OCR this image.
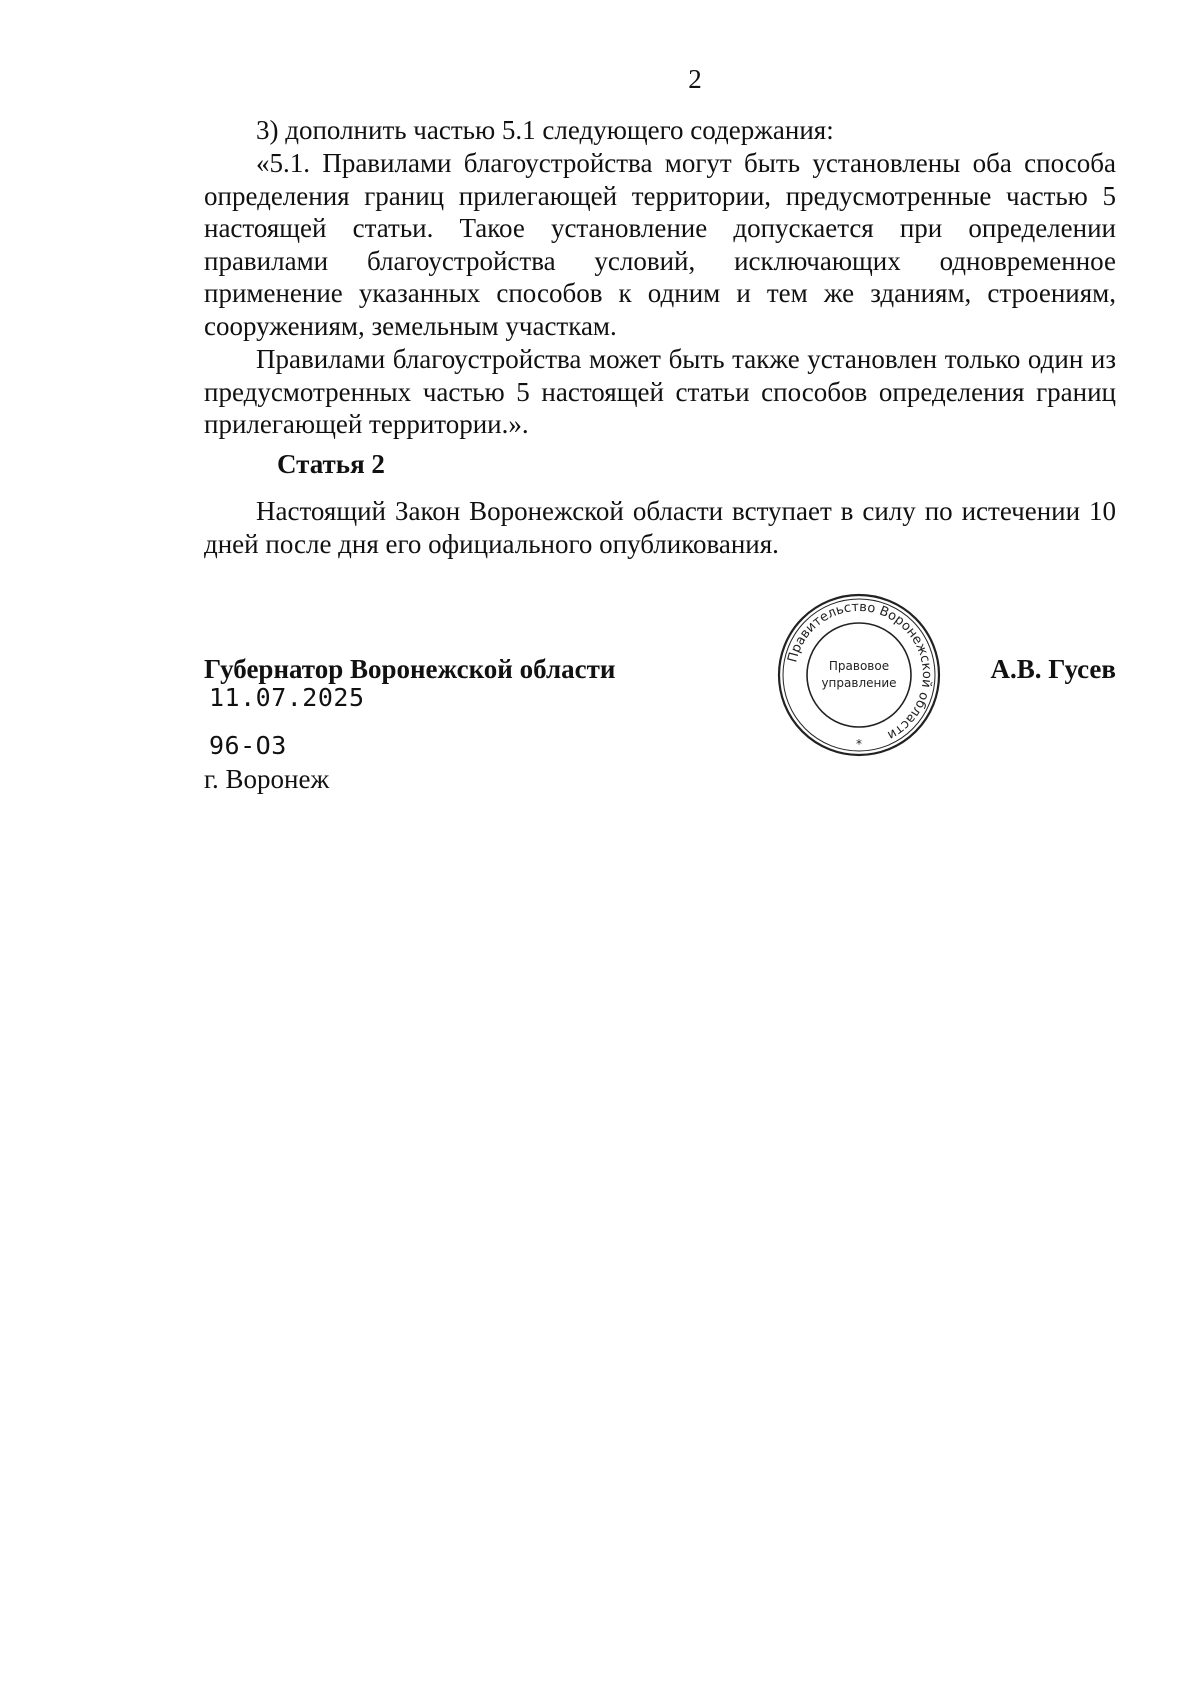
2

3) дополнить частью 5.1 следующего содержания:

«5.1. Правилами благоустройства могут быть установлены оба способа определения границ прилегающей территории, предусмотренные частью 5 настоящей статьи. Такое установление допускается при определении правилами благоустройства условий, исключающих одновременное применение указанных способов к одним и тем же зданиям, строениям, сооружениям, земельным участкам.

Правилами благоустройства может быть также установлен только один из предусмотренных частью 5 настоящей статьи способов определения границ прилегающей территории.».

Статья 2

Настоящий Закон Воронежской области вступает в силу по истечении 10 дней после дня его официального опубликования.

Губернатор Воронежской области	Правительство Воронежской области
Правовое
управление
*
А.В. Гусев
11.07.2025
96-ОЗ
г. Воронеж
